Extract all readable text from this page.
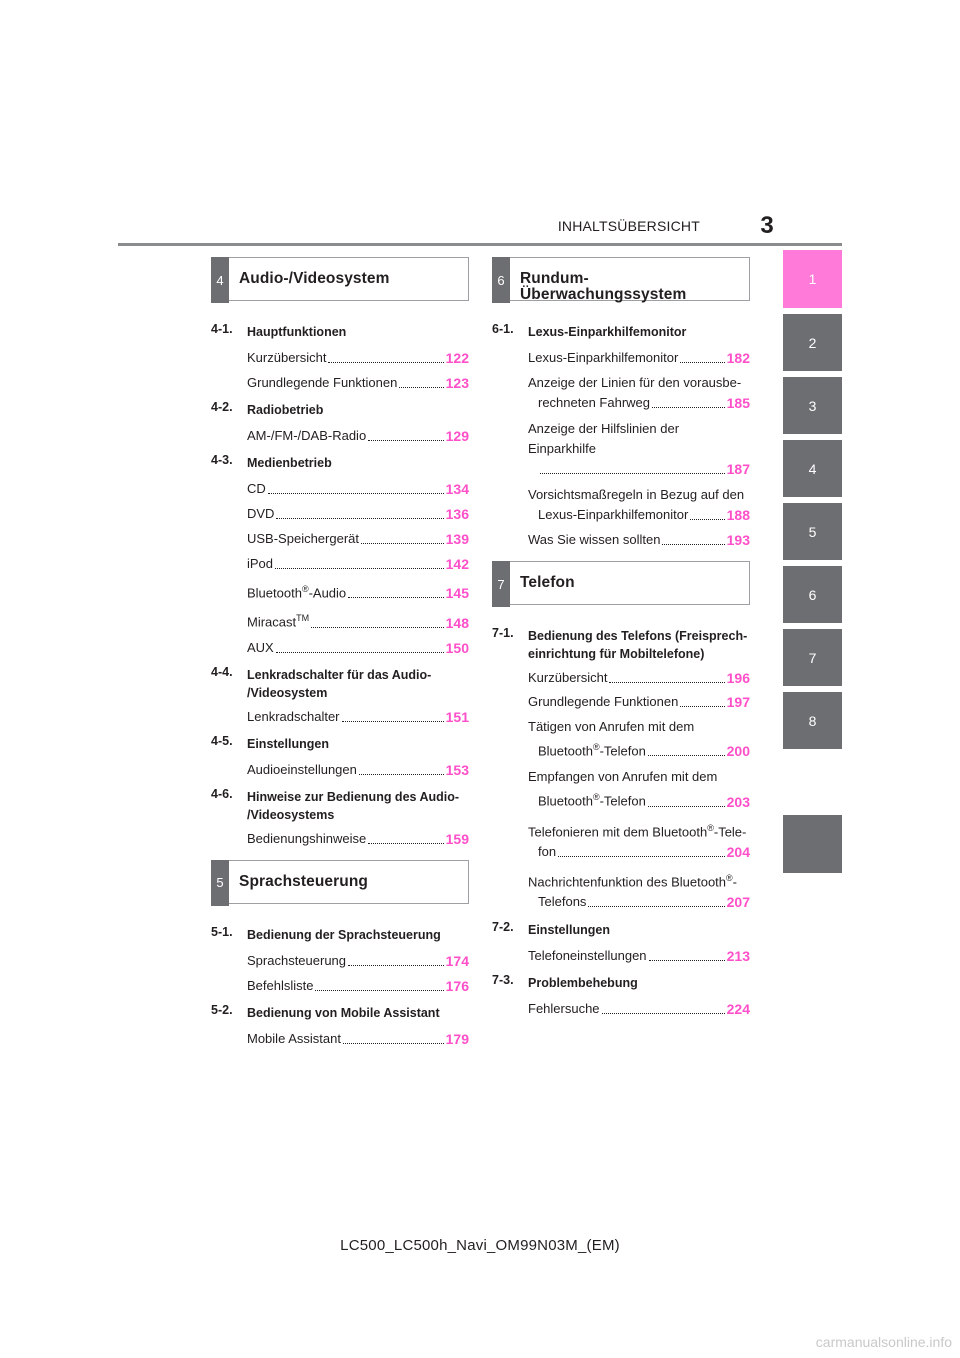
INHALTSÜBERSICHT	3
1
2
3
4
5
6
7
8
4 Audio-/Videosystem
4-1.	Hauptfunktionen
Kurzübersicht	122
Grundlegende Funktionen	123
4-2.	Radiobetrieb
AM-/FM-/DAB-Radio	129
4-3.	Medienbetrieb
CD	134
DVD	136
USB-Speichergerät	139
iPod	142
Bluetooth®-Audio	145
Miracast™	148
AUX	150
4-4.	Lenkradschalter für das Audio-
/Videosystem
Lenkradschalter	151
4-5.	Einstellungen
Audioeinstellungen	153
4-6.	Hinweise zur Bedienung des Audio-
/Videosystems
Bedienungshinweise	159
5 Sprachsteuerung
5-1.	Bedienung der Sprachsteuerung
Sprachsteuerung	174
Befehlsliste	176
5-2.	Bedienung von Mobile Assistant
Mobile Assistant	179
6 Rundum-Überwachungssystem
6-1.	Lexus-Einparkhilfemonitor
Lexus-Einparkhilfemonitor	182
Anzeige der Linien für den vorausbe-
rechneten Fahrweg	185
Anzeige der Hilfslinien der Einparkhilfe
187
Vorsichtsmaßregeln in Bezug auf den
Lexus-Einparkhilfemonitor	188
Was Sie wissen sollten	193
7 Telefon
7-1.	Bedienung des Telefons (Freisprech-
einrichtung für Mobiltelefone)
Kurzübersicht	196
Grundlegende Funktionen	197
Tätigen von Anrufen mit dem
Bluetooth®-Telefon	200
Empfangen von Anrufen mit dem
Bluetooth®-Telefon	203
Telefonieren mit dem Bluetooth®-Tele-
fon	204
Nachrichtenfunktion des Bluetooth®-
Telefons	207
7-2.	Einstellungen
Telefoneinstellungen	213
7-3.	Problembehebung
Fehlersuche	224
LC500_LC500h_Navi_OM99N03M_(EM)
carmanualsonline.info
